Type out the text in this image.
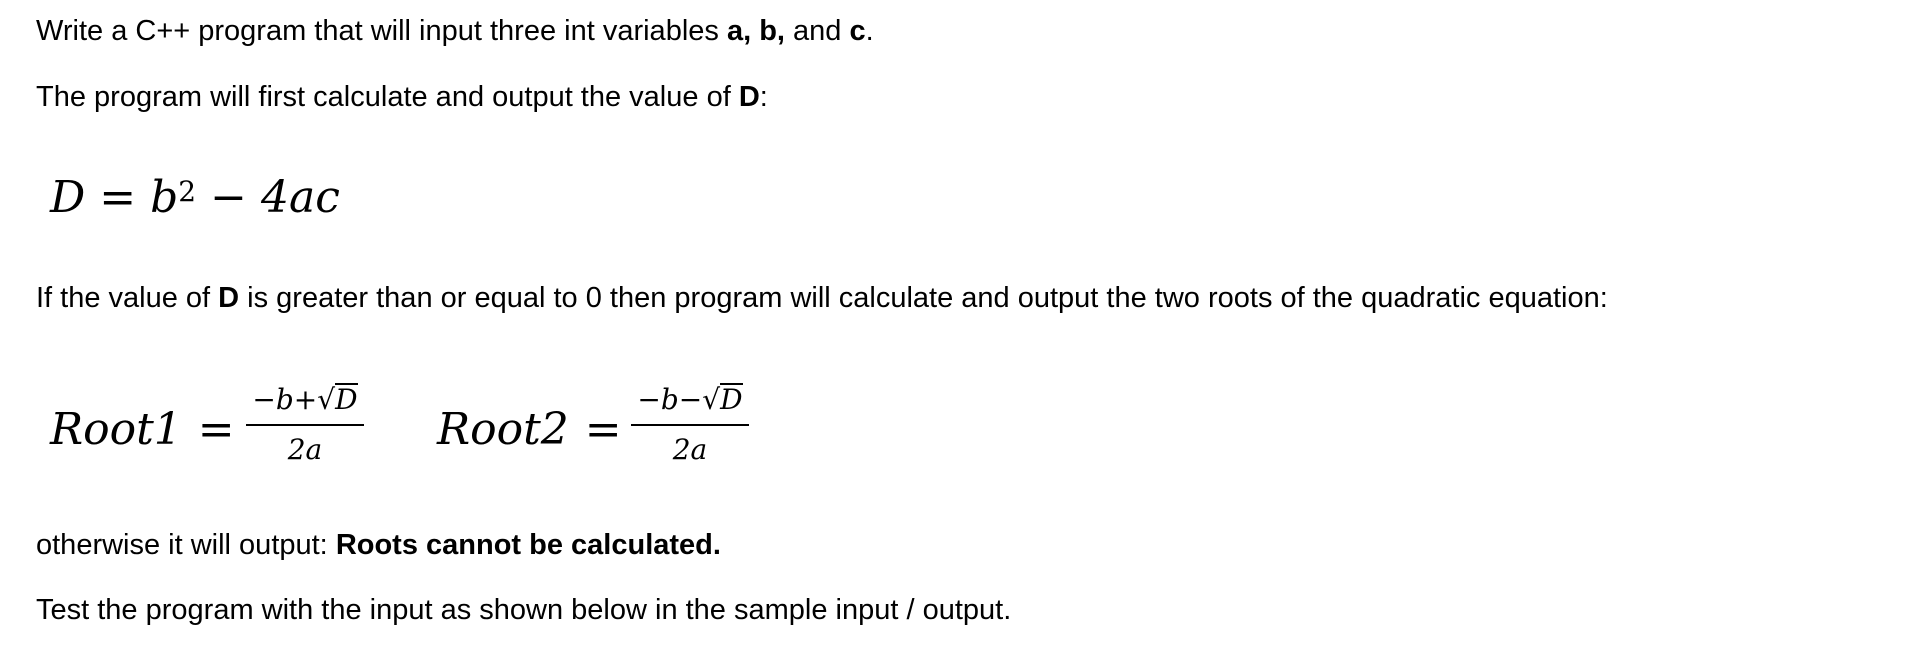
Write a C++ program that will input three int variables a, b, and c.

The program will first calculate and output the value of D:

$D = b^2 - 4ac$

If the value of D is greater than or equal to 0 then program will calculate and output the two roots of the quadratic equation:

Root1 =
−b+√D
2a	Root2 =
−b−√D
2a

otherwise it will output: Roots cannot be calculated.

Test the program with the input as shown below in the sample input / output.
